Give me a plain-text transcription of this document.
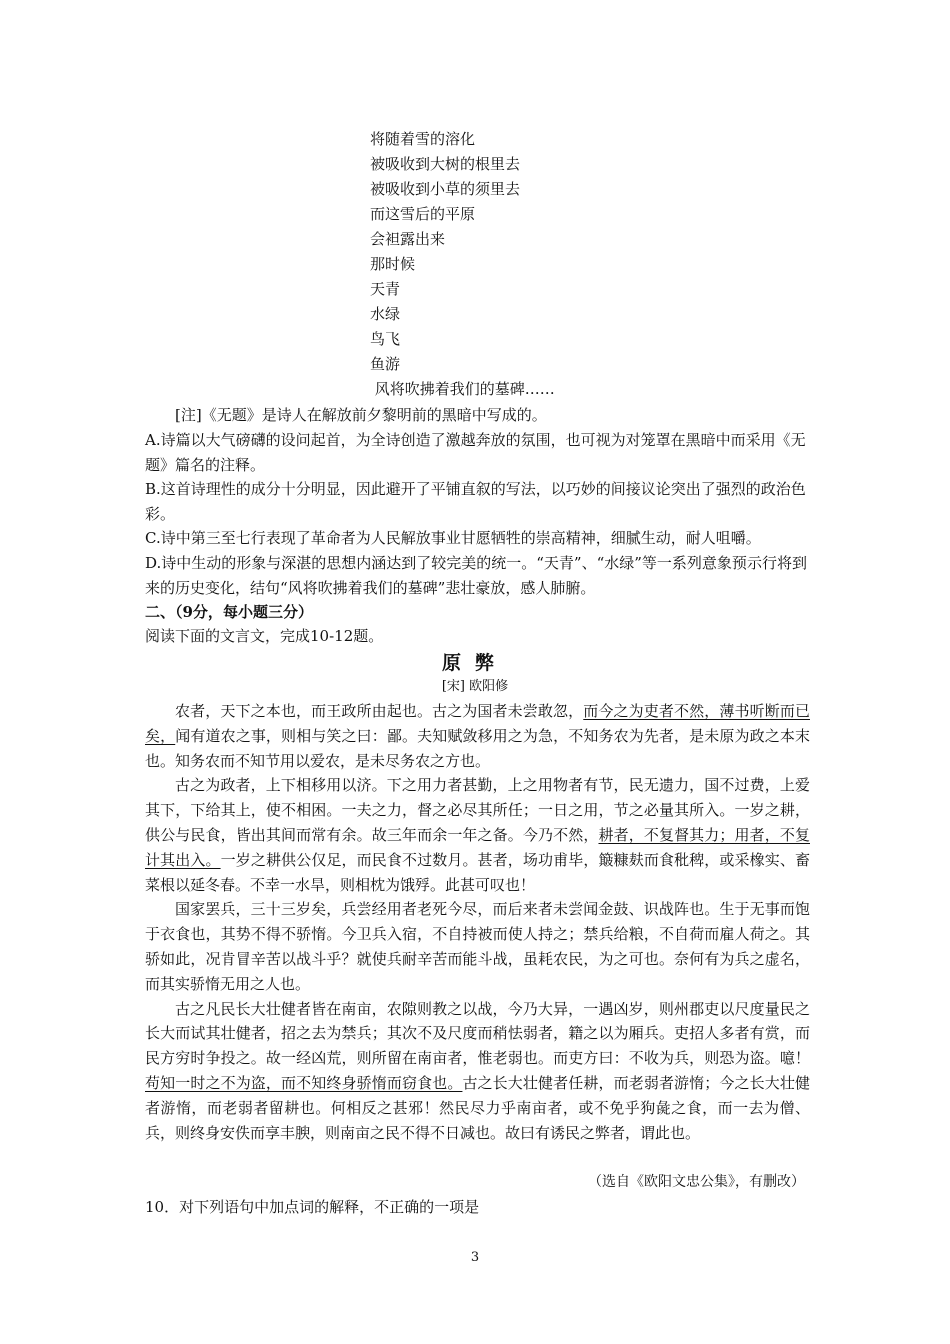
将随着雪的溶化
被吸收到大树的根里去
被吸收到小草的须里去
而这雪后的平原
会袒露出来
那时候
天青
水绿
鸟飞
鱼游
风将吹拂着我们的墓碑……
[注]《无题》是诗人在解放前夕黎明前的黑暗中写成的。
A.诗篇以大气磅礴的设问起首，为全诗创造了激越奔放的氛围，也可视为对笼罩在黑暗中而采用《无题》篇名的注释。
B.这首诗理性的成分十分明显，因此避开了平铺直叙的写法，以巧妙的间接议论突出了强烈的政治色彩。
C.诗中第三至七行表现了革命者为人民解放事业甘愿牺牲的崇高精神，细腻生动，耐人咀嚼。
D.诗中生动的形象与深湛的思想内涵达到了较完美的统一。“天青”、“水绿”等一系列意象预示行将到来的历史变化，结句“风将吹拂着我们的墓碑”悲壮豪放，感人肺腑。
二、（9分，每小题三分）
阅读下面的文言文，完成10-12题。
原弊
[宋] 欧阳修

农者，天下之本也，而王政所由起也。古之为国者未尝敢忽，而今之为吏者不然，薄书听断而已矣，闻有道农之事，则相与笑之曰：鄙。夫知赋敛移用之为急，不知务农为先者，是未原为政之本末也。知务农而不知节用以爱农，是未尽务农之方也。

古之为政者，上下相移用以济。下之用力者甚勤，上之用物者有节，民无遗力，国不过费，上爱其下，下给其上，使不相困。一夫之力，督之必尽其所任；一日之用，节之必量其所入。一岁之耕，供公与民食，皆出其间而常有余。故三年而余一年之备。今乃不然，耕者，不复督其力；用者，不复计其出入。一岁之耕供公仅足，而民食不过数月。甚者，场功甫毕，簸糠麸而食秕稗，或采橡实、畜菜根以延冬春。不幸一水旱，则相枕为饿殍。此甚可叹也！

国家罢兵，三十三岁矣，兵尝经用者老死今尽，而后来者未尝闻金鼓、识战阵也。生于无事而饱于衣食也，其势不得不骄惰。今卫兵入宿，不自持被而使人持之；禁兵给粮，不自荷而雇人荷之。其骄如此，况肯冒辛苦以战斗乎？就使兵耐辛苦而能斗战，虽耗农民，为之可也。奈何有为兵之虚名，而其实骄惰无用之人也。

古之凡民长大壮健者皆在南亩，农隙则教之以战，今乃大异，一遇凶岁，则州郡吏以尺度量民之长大而试其壮健者，招之去为禁兵；其次不及尺度而稍怯弱者，籍之以为厢兵。吏招人多者有赏，而民方穷时争投之。故一经凶荒，则所留在南亩者，惟老弱也。而吏方曰：不收为兵，则恐为盗。噫！苟知一时之不为盗，而不知终身骄惰而窃食也。古之长大壮健者任耕，而老弱者游惰；今之长大壮健者游惰，而老弱者留耕也。何相反之甚邪！然民尽力乎南亩者，或不免乎狗彘之食，而一去为僧、兵，则终身安佚而享丰腴，则南亩之民不得不日减也。故曰有诱民之弊者，谓此也。

（选自《欧阳文忠公集》，有删改）
10．对下列语句中加点词的解释，不正确的一项是
3
